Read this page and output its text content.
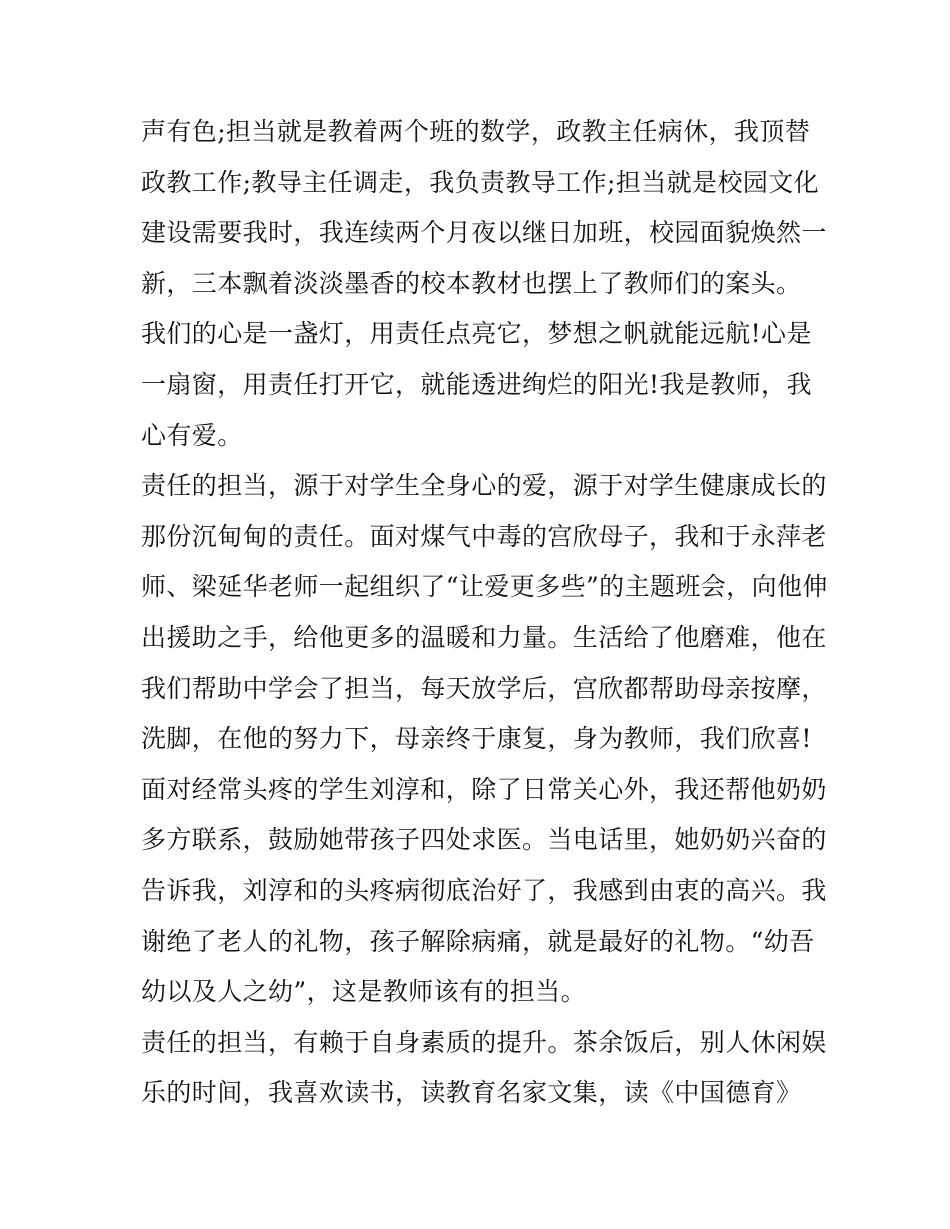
声有色;担当就是教着两个班的数学，政教主任病休，我顶替
政教工作;教导主任调走，我负责教导工作;担当就是校园文化
建设需要我时，我连续两个月夜以继日加班，校园面貌焕然一
新，三本飘着淡淡墨香的校本教材也摆上了教师们的案头。
我们的心是一盏灯，用责任点亮它，梦想之帆就能远航!心是
一扇窗，用责任打开它，就能透进绚烂的阳光!我是教师，我
心有爱。
责任的担当，源于对学生全身心的爱，源于对学生健康成长的
那份沉甸甸的责任。面对煤气中毒的宫欣母子，我和于永萍老
师、梁延华老师一起组织了“让爱更多些”的主题班会，向他伸
出援助之手，给他更多的温暖和力量。生活给了他磨难，他在
我们帮助中学会了担当，每天放学后，宫欣都帮助母亲按摩，
洗脚，在他的努力下，母亲终于康复，身为教师，我们欣喜!
面对经常头疼的学生刘淳和，除了日常关心外，我还帮他奶奶
多方联系，鼓励她带孩子四处求医。当电话里，她奶奶兴奋的
告诉我，刘淳和的头疼病彻底治好了，我感到由衷的高兴。我
谢绝了老人的礼物，孩子解除病痛，就是最好的礼物。“幼吾
幼以及人之幼”，这是教师该有的担当。
责任的担当，有赖于自身素质的提升。茶余饭后，别人休闲娱
乐的时间，我喜欢读书，读教育名家文集，读《中国德育》
